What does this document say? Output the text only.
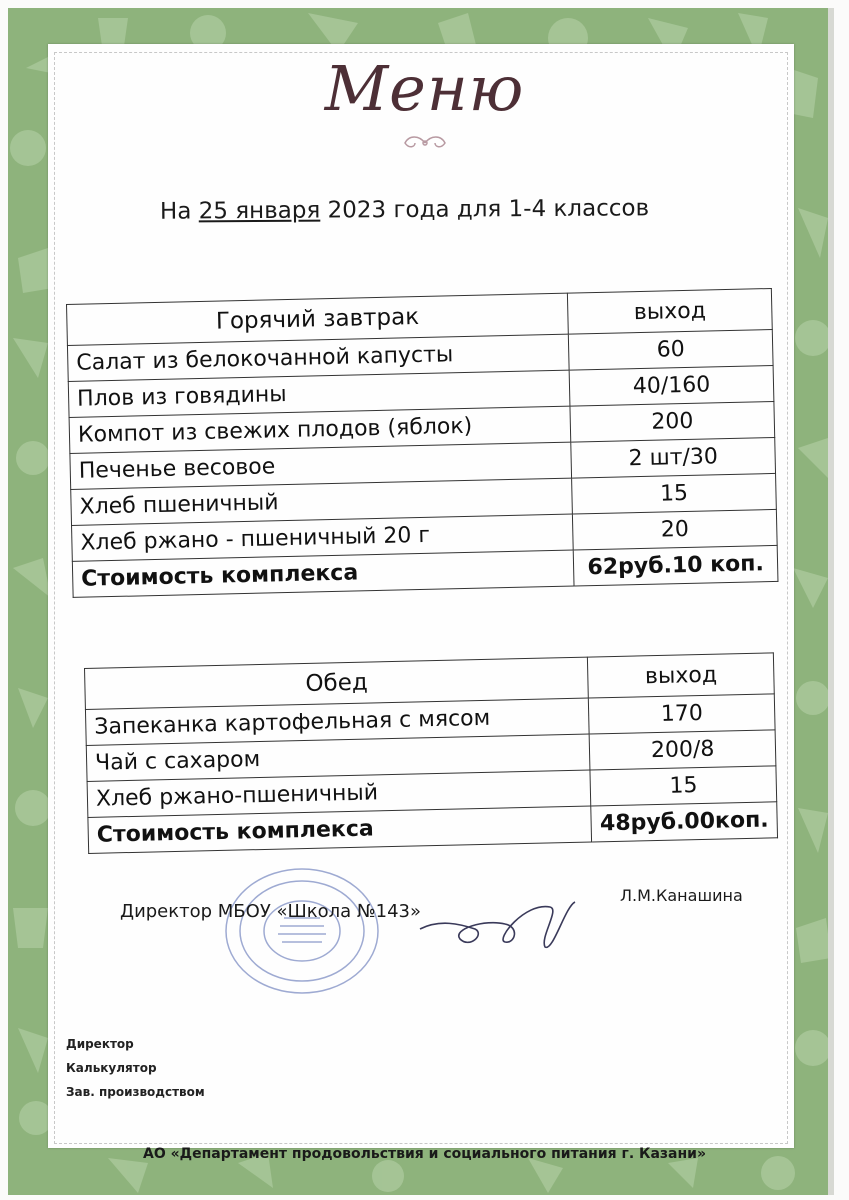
Меню
На 25 января 2023 года для 1-4 классов
Горячий завтрак	выход
Салат из белокочанной капусты	60
Плов из говядины	40/160
Компот из свежих плодов (яблок)	200
Печенье весовое	2 шт/30
Хлеб пшеничный	15
Хлеб ржано - пшеничный 20 г	20
Стоимость комплекса	62руб.10 коп.
Обед	выход
Запеканка картофельная с мясом	170
Чай с сахаром	200/8
Хлеб ржано-пшеничный	15
Стоимость комплекса	48руб.00коп.
Директор МБОУ «Школа №143»
Л.М.Канашина
Директор
Калькулятор
Зав. производством
АО «Департамент продовольствия и социального питания г. Казани»
